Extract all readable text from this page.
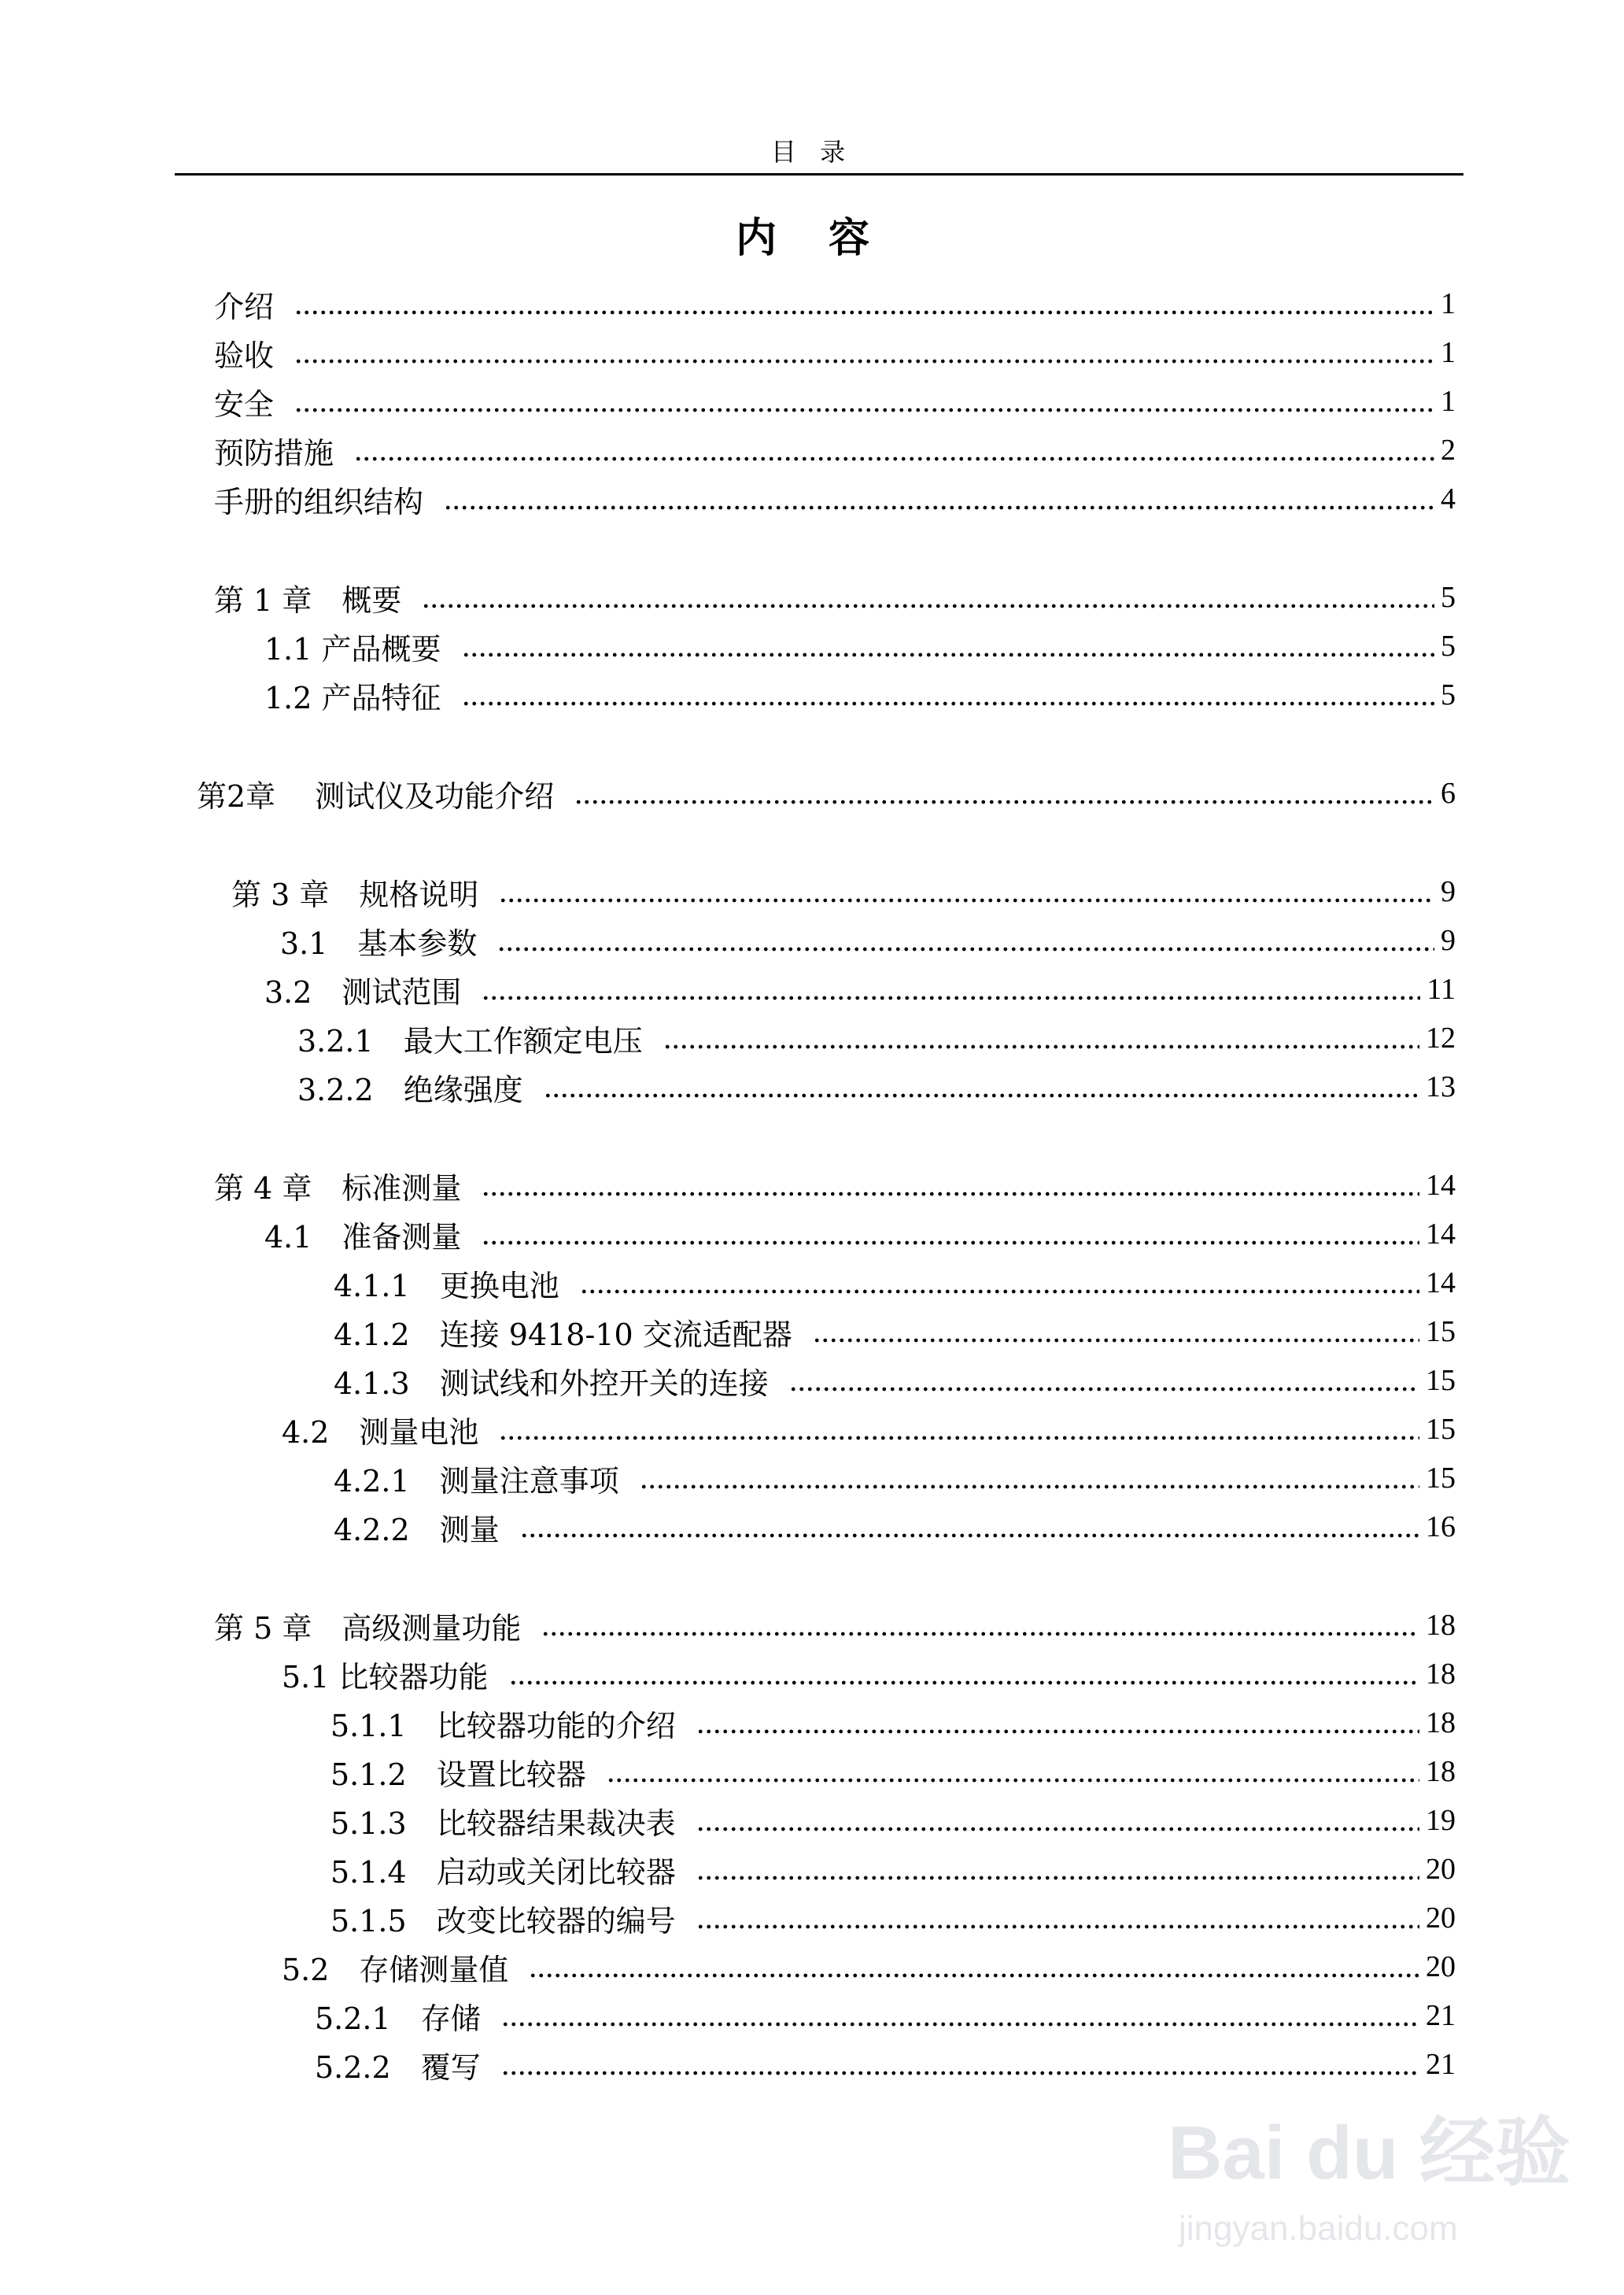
目 录
内 容
介绍	1
验收	1
安全	1
预防措施	2
手册的组织结构	4
第 1 章　概要	5
1.1 产品概要	5
1.2 产品特征	5
第2章　 测试仪及功能介绍	6
第 3 章　规格说明	9
3.1　基本参数	9
3.2　测试范围	11
3.2.1　最大工作额定电压	12
3.2.2　绝缘强度	13
第 4 章　标准测量	14
4.1　准备测量	14
4.1.1　更换电池	14
4.1.2　连接 9418-10 交流适配器	15
4.1.3　测试线和外控开关的连接	15
4.2　测量电池	15
4.2.1　测量注意事项	15
4.2.2　测量	16
第 5 章　高级测量功能	18
5.1 比较器功能	18
5.1.1　比较器功能的介绍	18
5.1.2　设置比较器	18
5.1.3　比较器结果裁决表	19
5.1.4　启动或关闭比较器	20
5.1.5　改变比较器的编号	20
5.2　存储测量值	20
5.2.1　存储	21
5.2.2　覆写	21
Bai du 经验
jingyan.baidu.com
